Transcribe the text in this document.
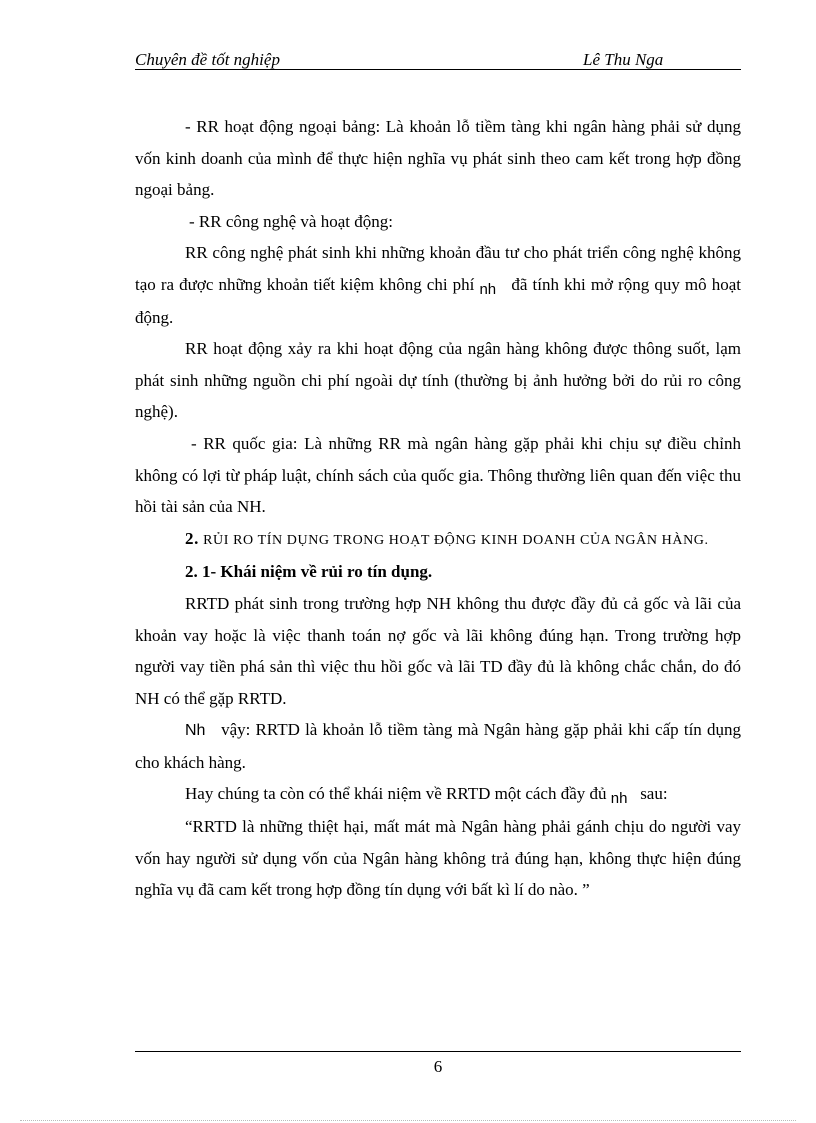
Chuyên đề tốt nghiệp	Lê Thu Nga

- RR hoạt động ngoại bảng: Là khoản lỗ tiềm tàng khi ngân hàng phải sử dụng vốn kinh doanh của mình để thực hiện nghĩa vụ phát sinh theo cam kết trong hợp đồng ngoại bảng.

- RR công nghệ và hoạt động:

RR công nghệ phát sinh khi những khoản đầu tư cho phát triển công nghệ không tạo ra được những khoản tiết kiệm không chi phí nh đã tính khi mở rộng quy mô hoạt động.

RR hoạt động xảy ra khi hoạt động của ngân hàng không được thông suốt, lạm phát sinh những nguồn chi phí ngoài dự tính (thường bị ảnh hưởng bởi do rủi ro công nghệ).

- RR quốc gia: Là những RR mà ngân hàng gặp phải khi chịu sự điều chỉnh không có lợi từ pháp luật, chính sách của quốc gia. Thông thường liên quan đến việc thu hồi tài sản của NH.

2. RỦI RO TÍN DỤNG TRONG HOẠT ĐỘNG KINH DOANH CỦA NGÂN HÀNG.

2. 1- Khái niệm về rủi ro tín dụng.

RRTD phát sinh trong trường hợp NH không thu được đầy đủ cả gốc và lãi của khoản vay hoặc là việc thanh toán nợ gốc và lãi không đúng hạn. Trong trường hợp người vay tiền phá sản thì việc thu hồi gốc và lãi TD đầy đủ là không chắc chắn, do đó NH có thể gặp RRTD.

Nh vậy: RRTD là khoản lỗ tiềm tàng mà Ngân hàng gặp phải khi cấp tín dụng cho khách hàng.

Hay chúng ta còn có thể khái niệm về RRTD một cách đầy đủ nh sau:

“RRTD là những thiệt hại, mất mát mà Ngân hàng phải gánh chịu do người vay vốn hay người sử dụng vốn của Ngân hàng không trả đúng hạn, không thực hiện đúng nghĩa vụ đã cam kết trong hợp đồng tín dụng với bất kì lí do nào. ”

6
